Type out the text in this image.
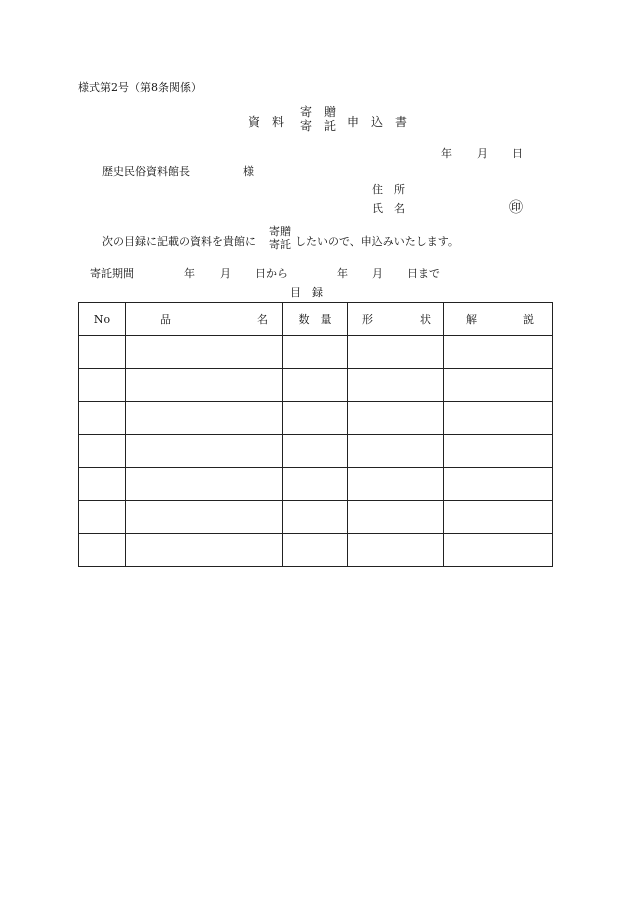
様式第2号（第8条関係）
資　料
寄　贈
寄　託 申　込　書
年 月 日
歴史民俗資料館長	様
住　所
氏　名	㊞
次の目録に記載の資料を貴館に
寄贈
寄託 したいので、申込みいたします。
寄託期間	年 月 日から	年 月 日まで
目　録
No	品 名	数　量	形 状	解 説
